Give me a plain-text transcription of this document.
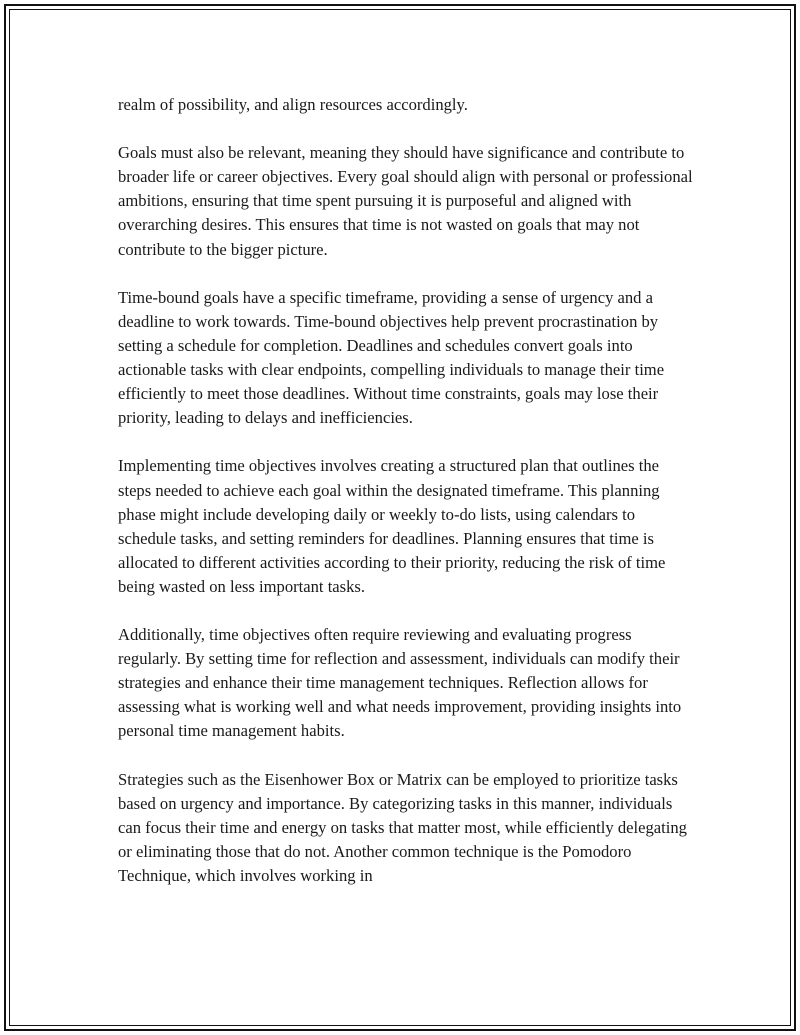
realm of possibility, and align resources accordingly.

Goals must also be relevant, meaning they should have significance and contribute to broader life or career objectives. Every goal should align with personal or professional ambitions, ensuring that time spent pursuing it is purposeful and aligned with overarching desires. This ensures that time is not wasted on goals that may not contribute to the bigger picture.

Time-bound goals have a specific timeframe, providing a sense of urgency and a deadline to work towards. Time-bound objectives help prevent procrastination by setting a schedule for completion. Deadlines and schedules convert goals into actionable tasks with clear endpoints, compelling individuals to manage their time efficiently to meet those deadlines. Without time constraints, goals may lose their priority, leading to delays and inefficiencies.

Implementing time objectives involves creating a structured plan that outlines the steps needed to achieve each goal within the designated timeframe. This planning phase might include developing daily or weekly to-do lists, using calendars to schedule tasks, and setting reminders for deadlines. Planning ensures that time is allocated to different activities according to their priority, reducing the risk of time being wasted on less important tasks.

Additionally, time objectives often require reviewing and evaluating progress regularly. By setting time for reflection and assessment, individuals can modify their strategies and enhance their time management techniques. Reflection allows for assessing what is working well and what needs improvement, providing insights into personal time management habits.

Strategies such as the Eisenhower Box or Matrix can be employed to prioritize tasks based on urgency and importance. By categorizing tasks in this manner, individuals can focus their time and energy on tasks that matter most, while efficiently delegating or eliminating those that do not. Another common technique is the Pomodoro Technique, which involves working in
